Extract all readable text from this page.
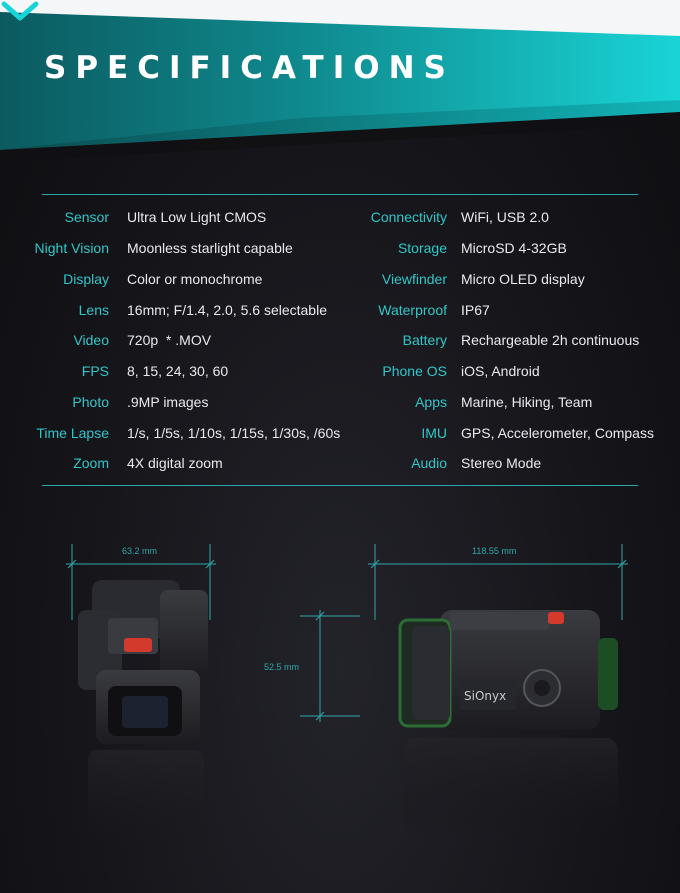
SPECIFICATIONS
Sensor Ultra Low Light CMOS	Connectivity WiFi, USB 2.0
Night Vision Moonless starlight capable	Storage MicroSD 4-32GB
Display Color or monochrome	Viewfinder Micro OLED display
Lens 16mm; F/1.4, 2.0, 5.6 selectable	Waterproof IP67
Video 720p  * .MOV	Battery Rechargeable 2h continuous
FPS 8, 15, 24, 30, 60	Phone OS iOS, Android
Photo .9MP images	Apps Marine, Hiking, Team
Time Lapse 1/s, 1/5s, 1/10s, 1/15s, 1/30s, /60s	IMU GPS, Accelerometer, Compass
Zoom 4X digital zoom	Audio Stereo Mode
63.2 mm	118.55 mm
52.5 mm
SiOnyx
